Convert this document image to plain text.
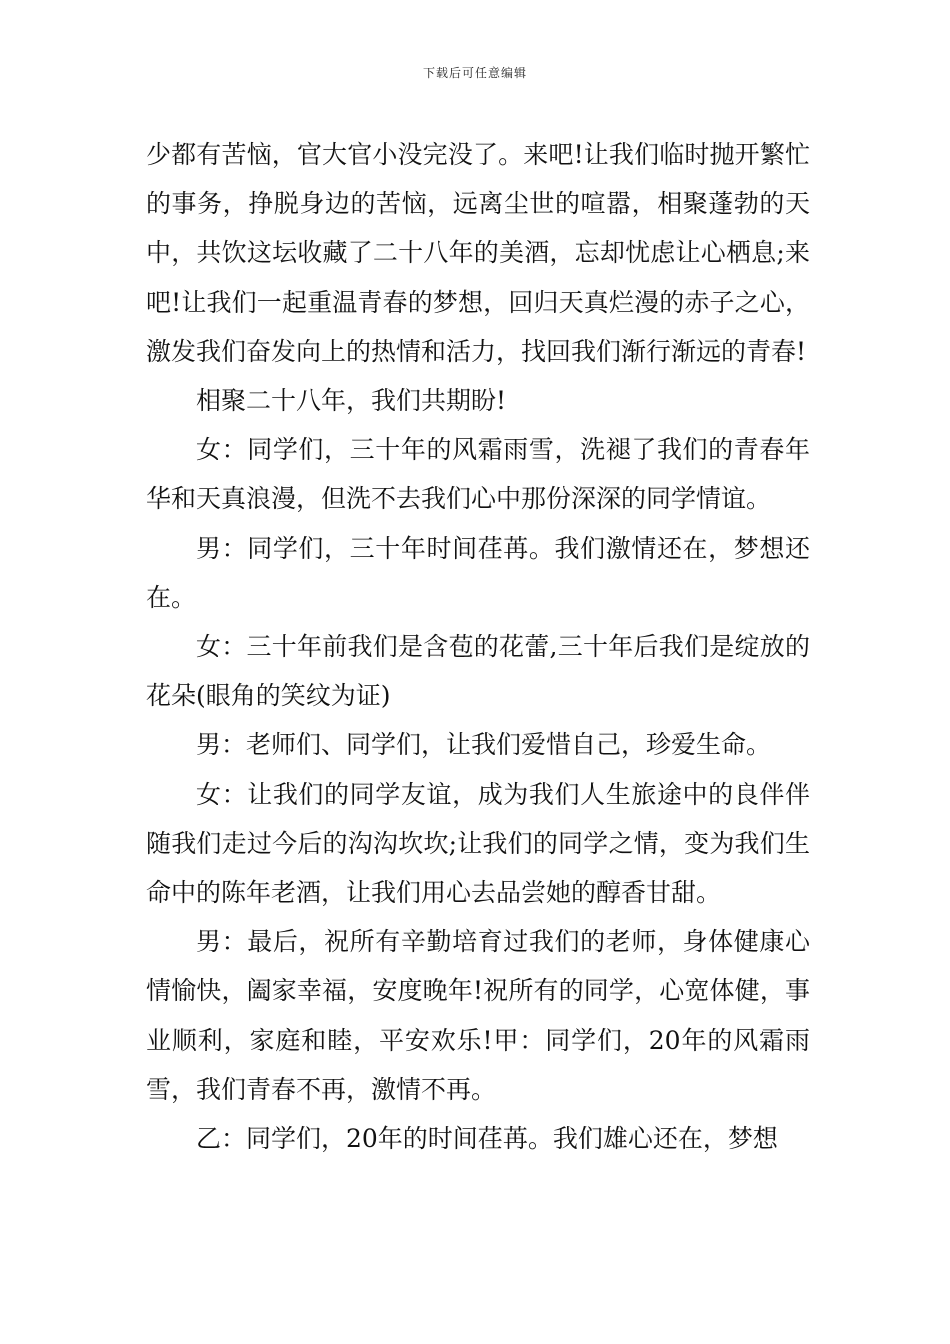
下载后可任意编辑

少都有苦恼，官大官小没完没了。来吧!让我们临时抛开繁忙的事务，挣脱身边的苦恼，远离尘世的喧嚣，相聚蓬勃的天中，共饮这坛收藏了二十八年的美酒，忘却忧虑让心栖息;来吧!让我们一起重温青春的梦想，回归天真烂漫的赤子之心，激发我们奋发向上的热情和活力，找回我们渐行渐远的青春!

相聚二十八年，我们共期盼!

女：同学们，三十年的风霜雨雪，洗褪了我们的青春年华和天真浪漫，但洗不去我们心中那份深深的同学情谊。

男：同学们，三十年时间荏苒。我们激情还在，梦想还在。

女：三十年前我们是含苞的花蕾,三十年后我们是绽放的花朵(眼角的笑纹为证)

男：老师们、同学们，让我们爱惜自己，珍爱生命。

女：让我们的同学友谊，成为我们人生旅途中的良伴伴随我们走过今后的沟沟坎坎;让我们的同学之情，变为我们生命中的陈年老酒，让我们用心去品尝她的醇香甘甜。

男：最后，祝所有辛勤培育过我们的老师，身体健康心情愉快，阖家幸福，安度晚年!祝所有的同学，心宽体健，事业顺利，家庭和睦，平安欢乐!甲：同学们，20年的风霜雨雪，我们青春不再，激情不再。

乙：同学们，20年的时间荏苒。我们雄心还在，梦想
